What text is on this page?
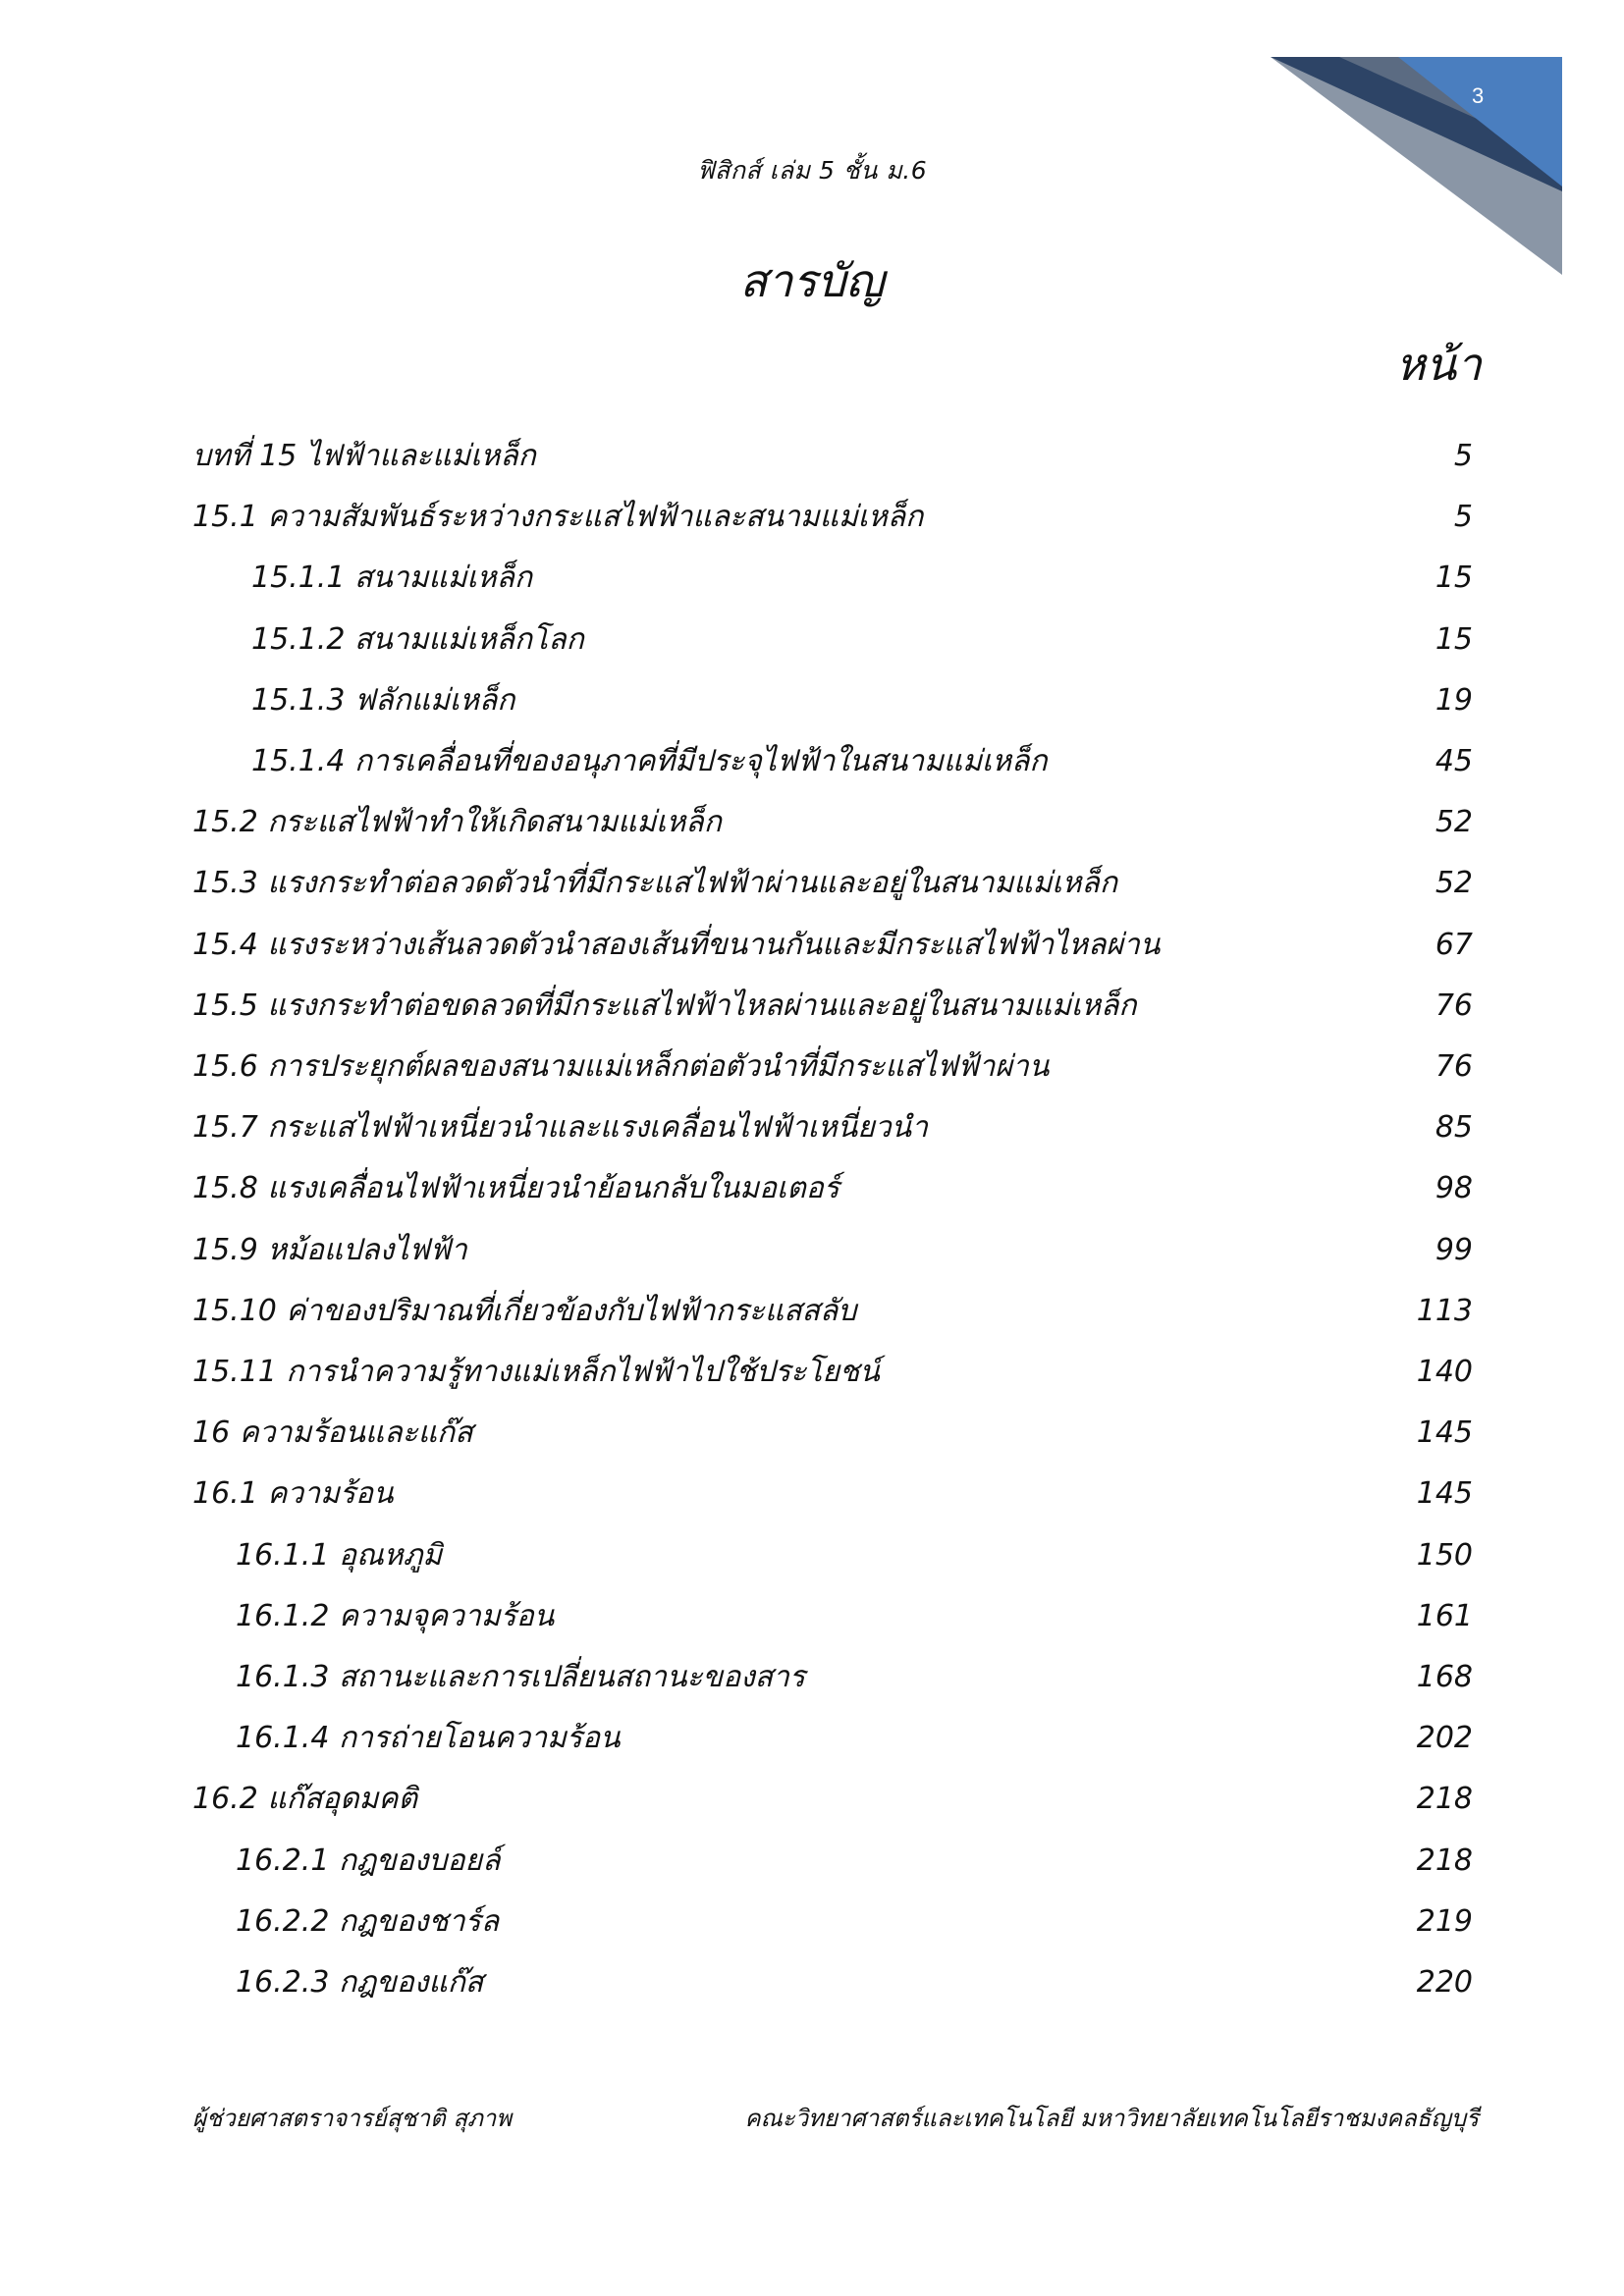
3
ฟิสิกส์ เล่ม 5 ชั้น ม.6
สารบัญ
หน้า
บทที่ 15 ไฟฟ้าและแม่เหล็ก	5
15.1 ความสัมพันธ์ระหว่างกระแสไฟฟ้าและสนามแม่เหล็ก	5
15.1.1 สนามแม่เหล็ก	15
15.1.2 สนามแม่เหล็กโลก	15
15.1.3 ฟลักแม่เหล็ก	19
15.1.4 การเคลื่อนที่ของอนุภาคที่มีประจุไฟฟ้าในสนามแม่เหล็ก	45
15.2 กระแสไฟฟ้าทำให้เกิดสนามแม่เหล็ก	52
15.3 แรงกระทำต่อลวดตัวนำที่มีกระแสไฟฟ้าผ่านและอยู่ในสนามแม่เหล็ก	52
15.4 แรงระหว่างเส้นลวดตัวนำสองเส้นที่ขนานกันและมีกระแสไฟฟ้าไหลผ่าน	67
15.5 แรงกระทำต่อขดลวดที่มีกระแสไฟฟ้าไหลผ่านและอยู่ในสนามแม่เหล็ก	76
15.6 การประยุกต์ผลของสนามแม่เหล็กต่อตัวนำที่มีกระแสไฟฟ้าผ่าน	76
15.7 กระแสไฟฟ้าเหนี่ยวนำและแรงเคลื่อนไฟฟ้าเหนี่ยวนำ	85
15.8 แรงเคลื่อนไฟฟ้าเหนี่ยวนำย้อนกลับในมอเตอร์	98
15.9 หม้อแปลงไฟฟ้า	99
15.10 ค่าของปริมาณที่เกี่ยวข้องกับไฟฟ้ากระแสสลับ	113
15.11 การนำความรู้ทางแม่เหล็กไฟฟ้าไปใช้ประโยชน์	140
16 ความร้อนและแก๊ส	145
16.1 ความร้อน	145
16.1.1 อุณหภูมิ	150
16.1.2 ความจุความร้อน	161
16.1.3 สถานะและการเปลี่ยนสถานะของสาร	168
16.1.4 การถ่ายโอนความร้อน	202
16.2 แก๊สอุดมคติ	218
16.2.1 กฎของบอยล์	218
16.2.2 กฎของชาร์ล	219
16.2.3 กฎของแก๊ส	220
ผู้ช่วยศาสตราจารย์สุชาติ สุภาพ	คณะวิทยาศาสตร์และเทคโนโลยี มหาวิทยาลัยเทคโนโลยีราชมงคลธัญบุรี
